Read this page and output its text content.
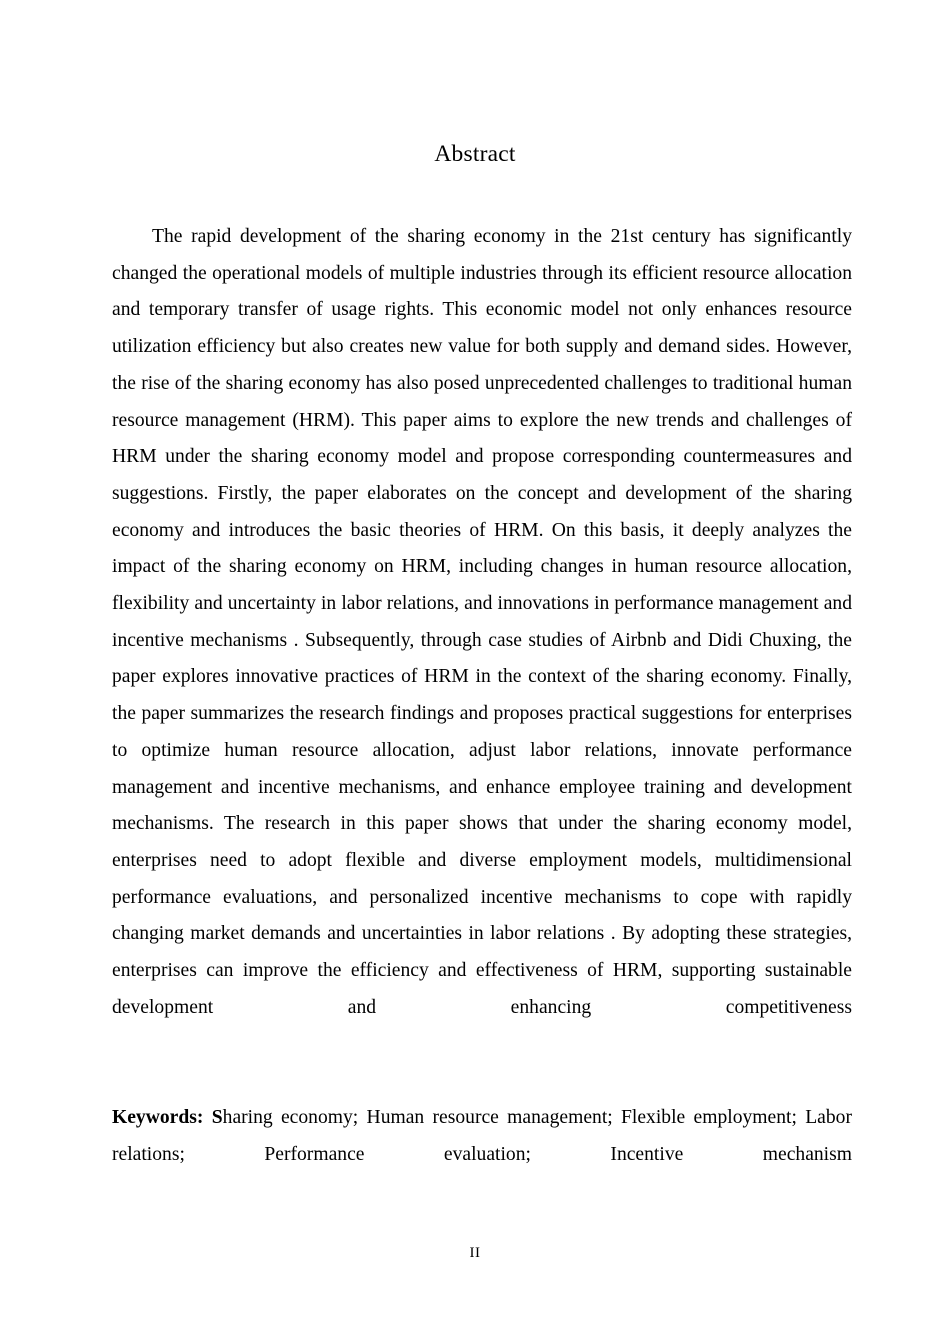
Abstract

The rapid development of the sharing economy in the 21st century has significantly changed the operational models of multiple industries through its efficient resource allocation and temporary transfer of usage rights. This economic model not only enhances resource utilization efficiency but also creates new value for both supply and demand sides. However, the rise of the sharing economy has also posed unprecedented challenges to traditional human resource management (HRM). This paper aims to explore the new trends and challenges of HRM under the sharing economy model and propose corresponding countermeasures and suggestions. Firstly, the paper elaborates on the concept and development of the sharing economy and introduces the basic theories of HRM. On this basis, it deeply analyzes the impact of the sharing economy on HRM, including changes in human resource allocation, flexibility and uncertainty in labor relations, and innovations in performance management and incentive mechanisms . Subsequently, through case studies of Airbnb and Didi Chuxing, the paper explores innovative practices of HRM in the context of the sharing economy. Finally, the paper summarizes the research findings and proposes practical suggestions for enterprises to optimize human resource allocation, adjust labor relations, innovate performance management and incentive mechanisms, and enhance employee training and development mechanisms. The research in this paper shows that under the sharing economy model, enterprises need to adopt flexible and diverse employment models, multidimensional performance evaluations, and personalized incentive mechanisms to cope with rapidly changing market demands and uncertainties in labor relations . By adopting these strategies, enterprises can improve the efficiency and effectiveness of HRM, supporting sustainable development and enhancing competitiveness

Keywords: Sharing economy; Human resource management; Flexible employment; Labor relations; Performance evaluation; Incentive mechanism

II
